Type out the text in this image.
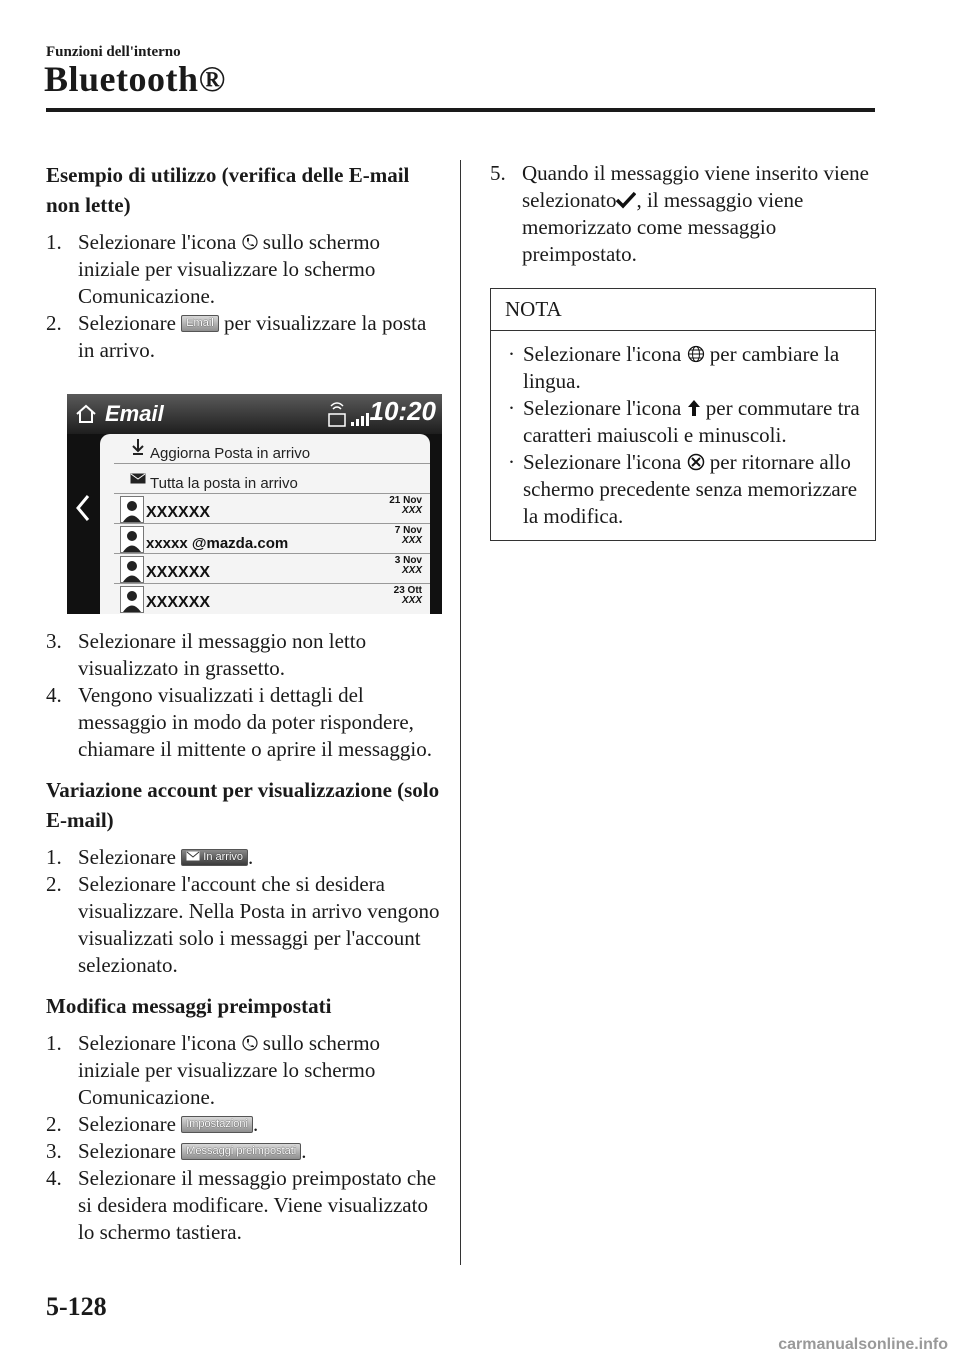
Funzioni dell'interno
Bluetooth®
Esempio di utilizzo (verifica delle E-mail non lette)
1. Selezionare l'icona sullo schermo iniziale per visualizzare lo schermo Comunicazione.
2. Selezionare Email per visualizzare la posta in arrivo.
Email	10:20
Aggiorna Posta in arrivo
Tutta la posta in arrivo
XXXXXX
21 Nov
XXX
xxxxx @mazda.com
7 Nov
XXX
XXXXXX
3 Nov
XXX
XXXXXX
23 Ott
XXX
3. Selezionare il messaggio non letto visualizzato in grassetto.
4. Vengono visualizzati i dettagli del messaggio in modo da poter rispondere, chiamare il mittente o aprire il messaggio.
Variazione account per visualizzazione (solo E-mail)
1. Selezionare In arrivo .
2. Selezionare l'account che si desidera visualizzare. Nella Posta in arrivo vengono visualizzati solo i messaggi per l'account selezionato.
Modifica messaggi preimpostati
1. Selezionare l'icona sullo schermo iniziale per visualizzare lo schermo Comunicazione.
2. Selezionare Impostazioni .
3. Selezionare Messaggi preimpostati .
4. Selezionare il messaggio preimpostato che si desidera modificare. Viene visualizzato lo schermo tastiera.
5. Quando il messaggio viene inserito viene selezionato , il messaggio viene memorizzato come messaggio preimpostato.
NOTA
· Selezionare l'icona per cambiare la lingua.
· Selezionare l'icona per commutare tra caratteri maiuscoli e minuscoli.
· Selezionare l'icona per ritornare allo schermo precedente senza memorizzare la modifica.
5-128
carmanualsonline.info
